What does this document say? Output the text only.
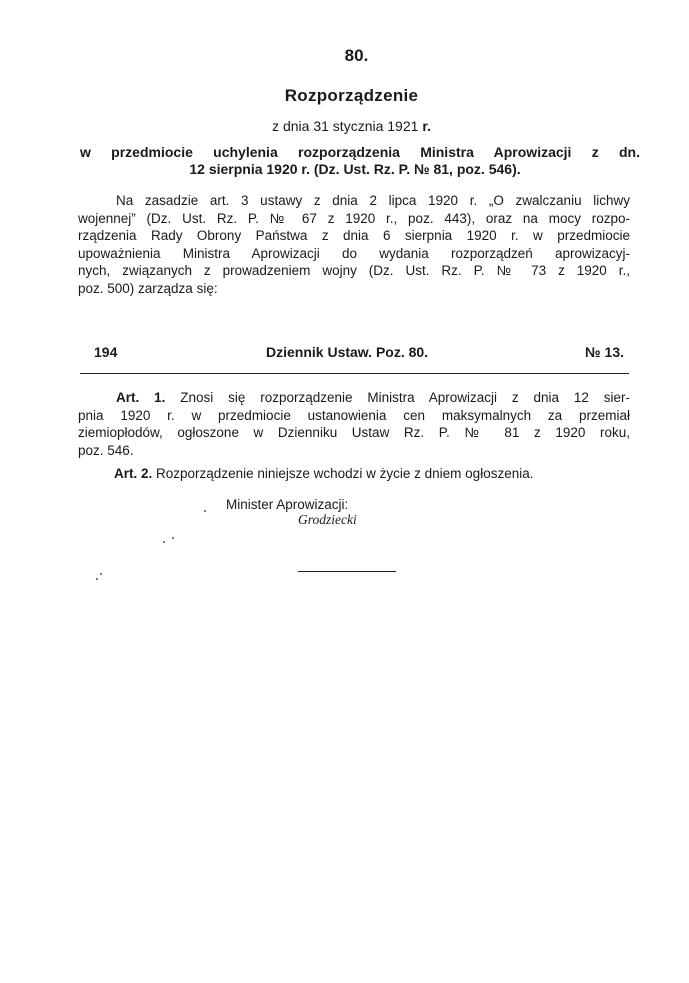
80.
Rozporządzenie
z dnia 31 stycznia 1921 r.
w przedmiocie uchylenia rozporządzenia Ministra Aprowizacji z dn.
12 sierpnia 1920 r. (Dz. Ust. Rz. P. № 81, poz. 546).
Na zasadzie art. 3 ustawy z dnia 2 lipca 1920 r. „O zwalczaniu lichwy
wojennej” (Dz. Ust. Rz. P. № 67 z 1920 r., poz. 443), oraz na mocy rozpo-
rządzenia Rady Obrony Państwa z dnia 6 sierpnia 1920 r. w przedmiocie
upoważnienia Ministra Aprowizacji do wydania rozporządzeń aprowizacyj-
nych, związanych z prowadzeniem wojny (Dz. Ust. Rz. P. № 73 z 1920 r.,
poz. 500) zarządza się:
194	Dziennik Ustaw. Poz. 80.	№ 13.
Art. 1. Znosi się rozporządzenie Ministra Aprowizacji z dnia 12 sier-
pnia 1920 r. w przedmiocie ustanowienia cen maksymalnych za przemiał
ziemiopłodów, ogłoszone w Dzienniku Ustaw Rz. P. № 81 z 1920 roku,
poz. 546.
Art. 2. Rozporządzenie niniejsze wchodzi w życie z dniem ogłoszenia.
Minister Aprowizacji:
Grodziecki
